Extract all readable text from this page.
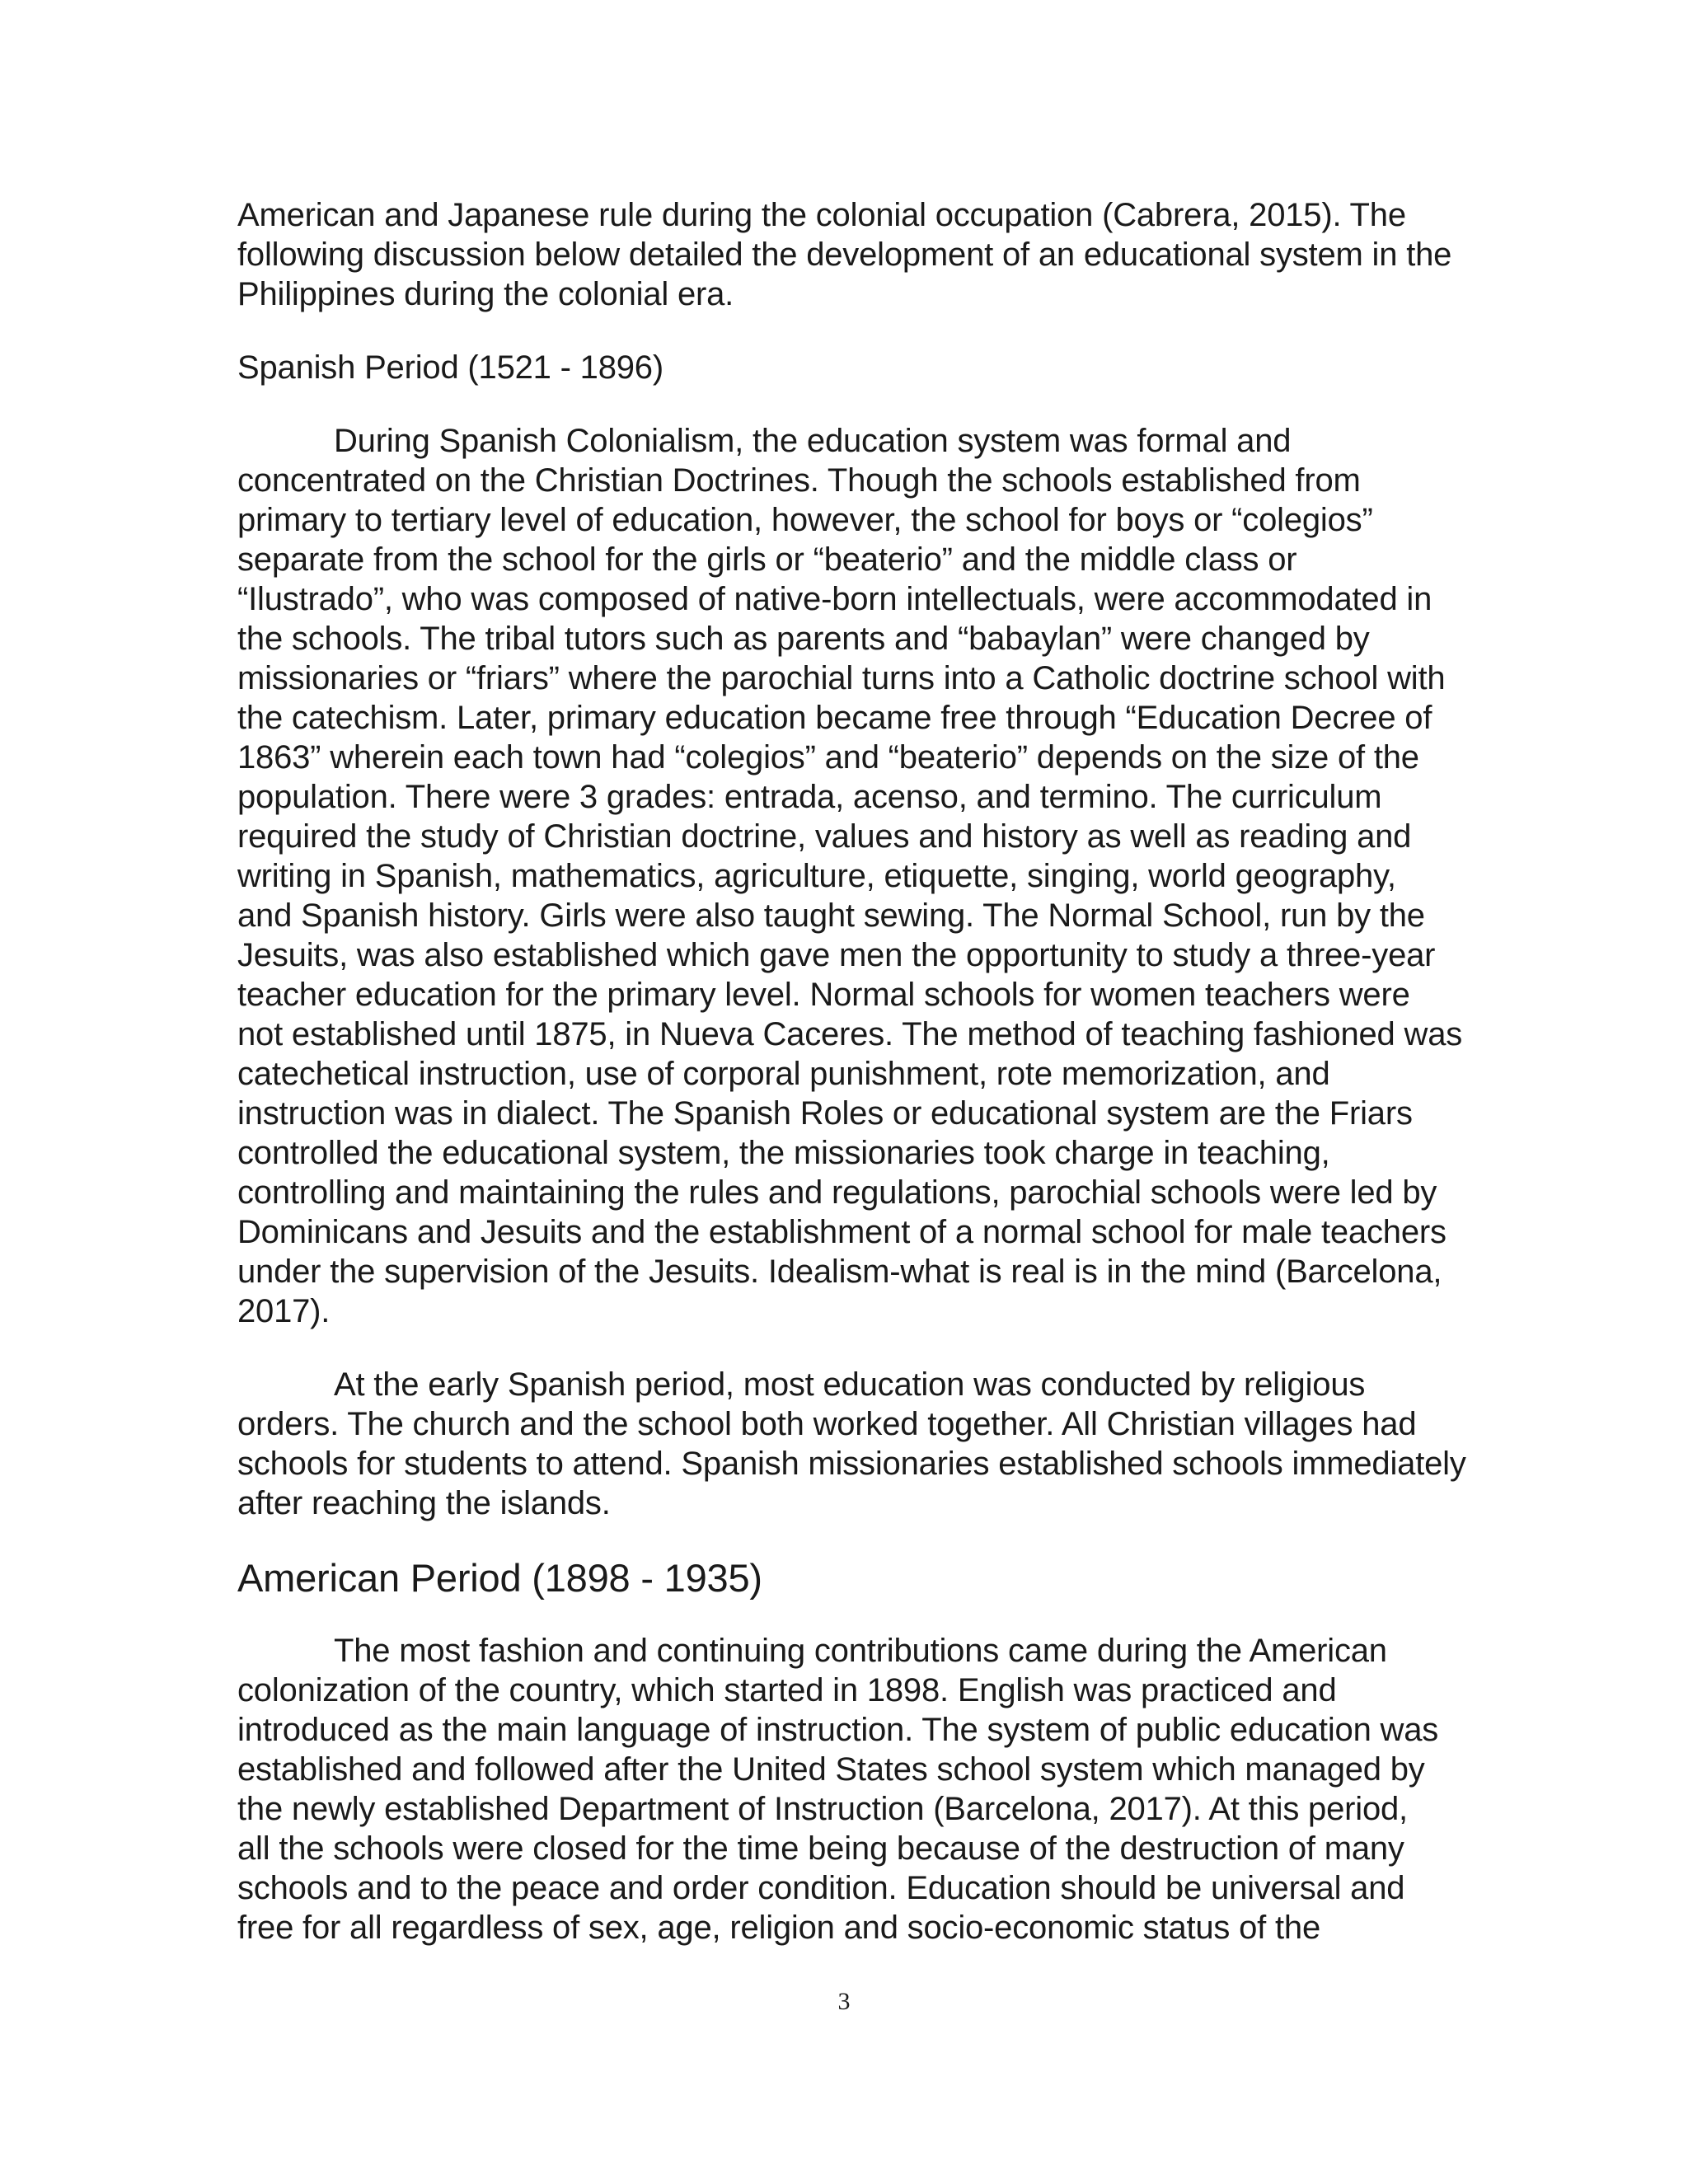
American and Japanese rule during the colonial occupation (Cabrera, 2015). The
following discussion below detailed the development of an educational system in the
Philippines during the colonial era.

Spanish Period (1521 - 1896)

During Spanish Colonialism, the education system was formal and
concentrated on the Christian Doctrines. Though the schools established from
primary to tertiary level of education, however, the school for boys or “colegios”
separate from the school for the girls or “beaterio” and the middle class or
“Ilustrado”, who was composed of native-born intellectuals, were accommodated in
the schools. The tribal tutors such as parents and “babaylan” were changed by
missionaries or “friars” where the parochial turns into a Catholic doctrine school with
the catechism. Later, primary education became free through “Education Decree of
1863” wherein each town had “colegios” and “beaterio” depends on the size of the
population. There were 3 grades: entrada, acenso, and termino. The curriculum
required the study of Christian doctrine, values and history as well as reading and
writing in Spanish, mathematics, agriculture, etiquette, singing, world geography,
and Spanish history. Girls were also taught sewing. The Normal School, run by the
Jesuits, was also established which gave men the opportunity to study a three-year
teacher education for the primary level. Normal schools for women teachers were
not established until 1875, in Nueva Caceres. The method of teaching fashioned was
catechetical instruction, use of corporal punishment, rote memorization, and
instruction was in dialect. The Spanish Roles or educational system are the Friars
controlled the educational system, the missionaries took charge in teaching,
controlling and maintaining the rules and regulations, parochial schools were led by
Dominicans and Jesuits and the establishment of a normal school for male teachers
under the supervision of the Jesuits. Idealism-what is real is in the mind (Barcelona,
2017).

At the early Spanish period, most education was conducted by religious
orders. The church and the school both worked together. All Christian villages had
schools for students to attend. Spanish missionaries established schools immediately
after reaching the islands.

American Period (1898 - 1935)

The most fashion and continuing contributions came during the American
colonization of the country, which started in 1898. English was practiced and
introduced as the main language of instruction. The system of public education was
established and followed after the United States school system which managed by
the newly established Department of Instruction (Barcelona, 2017). At this period,
all the schools were closed for the time being because of the destruction of many
schools and to the peace and order condition. Education should be universal and
free for all regardless of sex, age, religion and socio-economic status of the

3
